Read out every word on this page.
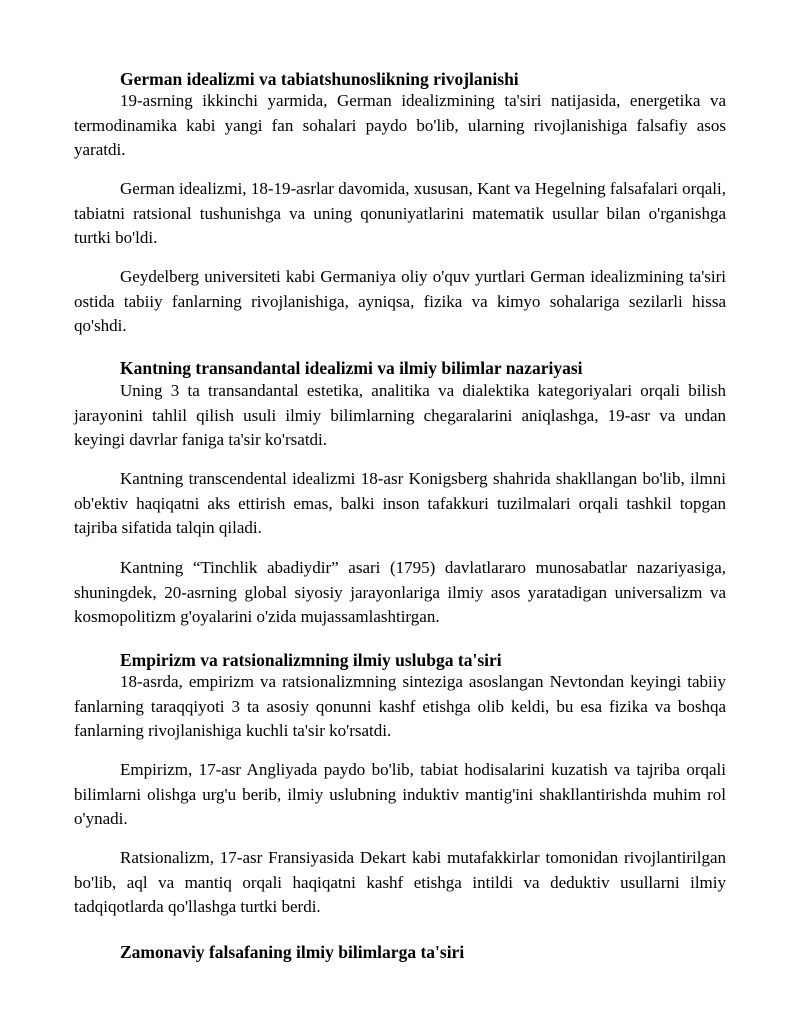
German idealizmi va tabiatshunoslikning rivojlanishi

19-asrning ikkinchi yarmida, German idealizmining ta'siri natijasida, energetika va termodinamika kabi yangi fan sohalari paydo bo'lib, ularning rivojlanishiga falsafiy asos yaratdi.

German idealizmi, 18-19-asrlar davomida, xususan, Kant va Hegelning falsafalari orqali, tabiatni ratsional tushunishga va uning qonuniyatlarini matematik usullar bilan o'rganishga turtki bo'ldi.

Geydelberg universiteti kabi Germaniya oliy o'quv yurtlari German idealizmining ta'siri ostida tabiiy fanlarning rivojlanishiga, ayniqsa, fizika va kimyo sohalariga sezilarli hissa qo'shdi.

Kantning transandantal idealizmi va ilmiy bilimlar nazariyasi

Uning 3 ta transandantal estetika, analitika va dialektika kategoriyalari orqali bilish jarayonini tahlil qilish usuli ilmiy bilimlarning chegaralarini aniqlashga, 19-asr va undan keyingi davrlar faniga ta'sir ko'rsatdi.

Kantning transcendental idealizmi 18-asr Konigsberg shahrida shakllangan bo'lib, ilmni ob'ektiv haqiqatni aks ettirish emas, balki inson tafakkuri tuzilmalari orqali tashkil topgan tajriba sifatida talqin qiladi.

Kantning “Tinchlik abadiydir” asari (1795) davlatlararo munosabatlar nazariyasiga, shuningdek, 20-asrning global siyosiy jarayonlariga ilmiy asos yaratadigan universalizm va kosmopolitizm g'oyalarini o'zida mujassamlashtirgan.

Empirizm va ratsionalizmning ilmiy uslubga ta'siri

18-asrda, empirizm va ratsionalizmning sinteziga asoslangan Nevtondan keyingi tabiiy fanlarning taraqqiyoti 3 ta asosiy qonunni kashf etishga olib keldi, bu esa fizika va boshqa fanlarning rivojlanishiga kuchli ta'sir ko'rsatdi.

Empirizm, 17-asr Angliyada paydo bo'lib, tabiat hodisalarini kuzatish va tajriba orqali bilimlarni olishga urg'u berib, ilmiy uslubning induktiv mantig'ini shakllantirishda muhim rol o'ynadi.

Ratsionalizm, 17-asr Fransiyasida Dekart kabi mutafakkirlar tomonidan rivojlantirilgan bo'lib, aql va mantiq orqali haqiqatni kashf etishga intildi va deduktiv usullarni ilmiy tadqiqotlarda qo'llashga turtki berdi.

Zamonaviy falsafaning ilmiy bilimlarga ta'siri
